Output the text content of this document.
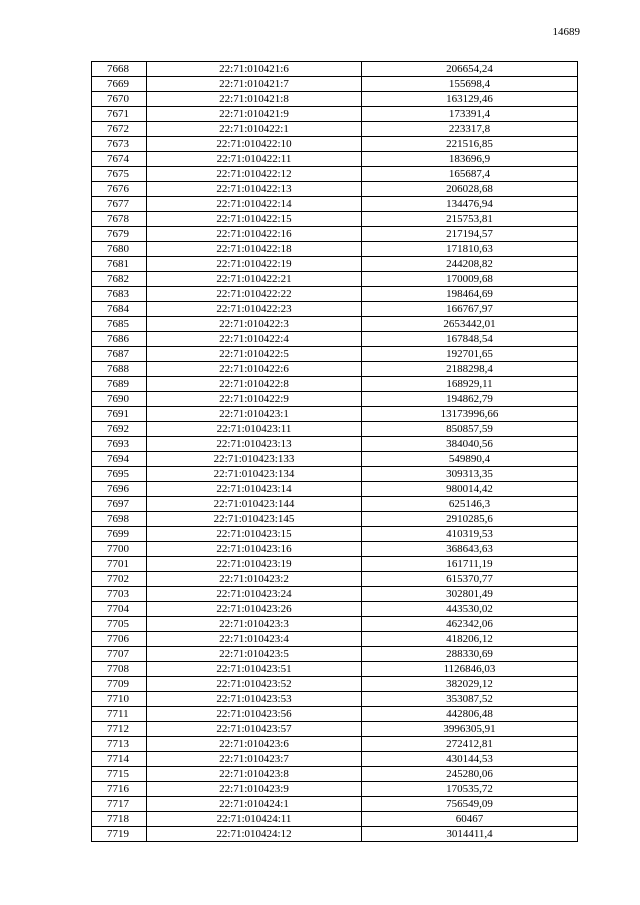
14689
7668	22:71:010421:6	206654,24
7669	22:71:010421:7	155698,4
7670	22:71:010421:8	163129,46
7671	22:71:010421:9	173391,4
7672	22:71:010422:1	223317,8
7673	22:71:010422:10	221516,85
7674	22:71:010422:11	183696,9
7675	22:71:010422:12	165687,4
7676	22:71:010422:13	206028,68
7677	22:71:010422:14	134476,94
7678	22:71:010422:15	215753,81
7679	22:71:010422:16	217194,57
7680	22:71:010422:18	171810,63
7681	22:71:010422:19	244208,82
7682	22:71:010422:21	170009,68
7683	22:71:010422:22	198464,69
7684	22:71:010422:23	166767,97
7685	22:71:010422:3	2653442,01
7686	22:71:010422:4	167848,54
7687	22:71:010422:5	192701,65
7688	22:71:010422:6	2188298,4
7689	22:71:010422:8	168929,11
7690	22:71:010422:9	194862,79
7691	22:71:010423:1	13173996,66
7692	22:71:010423:11	850857,59
7693	22:71:010423:13	384040,56
7694	22:71:010423:133	549890,4
7695	22:71:010423:134	309313,35
7696	22:71:010423:14	980014,42
7697	22:71:010423:144	625146,3
7698	22:71:010423:145	2910285,6
7699	22:71:010423:15	410319,53
7700	22:71:010423:16	368643,63
7701	22:71:010423:19	161711,19
7702	22:71:010423:2	615370,77
7703	22:71:010423:24	302801,49
7704	22:71:010423:26	443530,02
7705	22:71:010423:3	462342,06
7706	22:71:010423:4	418206,12
7707	22:71:010423:5	288330,69
7708	22:71:010423:51	1126846,03
7709	22:71:010423:52	382029,12
7710	22:71:010423:53	353087,52
7711	22:71:010423:56	442806,48
7712	22:71:010423:57	3996305,91
7713	22:71:010423:6	272412,81
7714	22:71:010423:7	430144,53
7715	22:71:010423:8	245280,06
7716	22:71:010423:9	170535,72
7717	22:71:010424:1	756549,09
7718	22:71:010424:11	60467
7719	22:71:010424:12	3014411,4
